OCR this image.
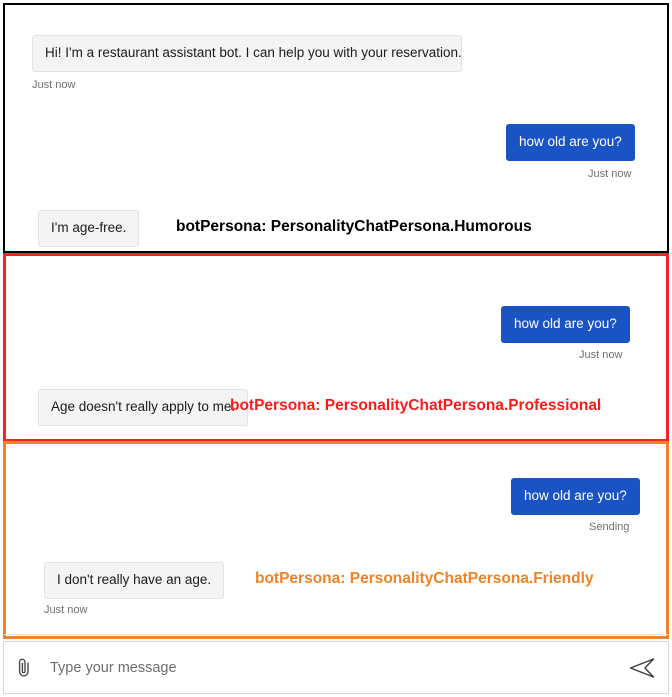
Hi! I'm a restaurant assistant bot. I can help you with your reservation.
Just now
how old are you?
Just now
I'm age-free.	botPersona: PersonalityChatPersona.Humorous
how old are you?
Just now
Age doesn't really apply to me.
botPersona: PersonalityChatPersona.Professional
how old are you?
Sending
I don't really have an age.
Just now
botPersona: PersonalityChatPersona.Friendly
Type your message
